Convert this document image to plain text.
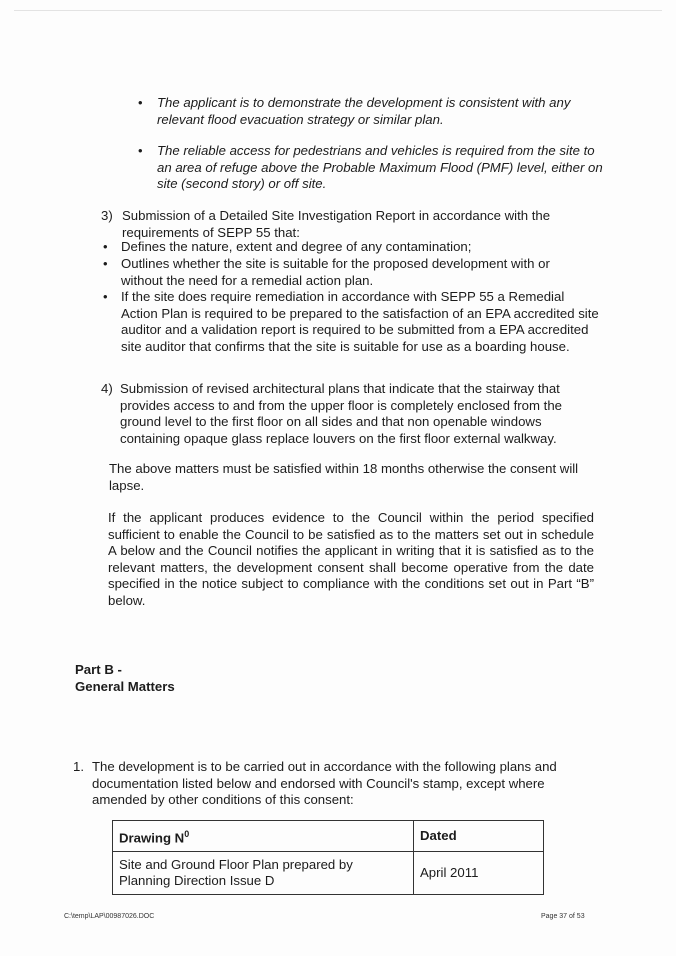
• The applicant is to demonstrate the development is consistent with any relevant flood evacuation strategy or similar plan.
• The reliable access for pedestrians and vehicles is required from the site to an area of refuge above the Probable Maximum Flood (PMF) level, either on site (second story) or off site.
3) Submission of a Detailed Site Investigation Report in accordance with the requirements of SEPP 55 that:
• Defines the nature, extent and degree of any contamination;
• Outlines whether the site is suitable for the proposed development with or without the need for a remedial action plan.
• If the site does require remediation in accordance with SEPP 55 a Remedial Action Plan is required to be prepared to the satisfaction of an EPA accredited site auditor and a validation report is required to be submitted from a EPA accredited site auditor that confirms that the site is suitable for use as a boarding house.
4) Submission of revised architectural plans that indicate that the stairway that provides access to and from the upper floor is completely enclosed from the ground level to the first floor on all sides and that non openable windows containing opaque glass replace louvers on the first floor external walkway.
The above matters must be satisfied within 18 months otherwise the consent will lapse.
If the applicant produces evidence to the Council within the period specified sufficient to enable the Council to be satisfied as to the matters set out in schedule A below and the Council notifies the applicant in writing that it is satisfied as to the relevant matters, the development consent shall become operative from the date specified in the notice subject to compliance with the conditions set out in Part “B” below.
Part B -
General Matters
1. The development is to be carried out in accordance with the following plans and documentation listed below and endorsed with Council's stamp, except where amended by other conditions of this consent:
Drawing $N^0$	Dated
Site and Ground Floor Plan prepared by Planning Direction Issue D	April 2011
C:\temp\LAP\00987026.DOC	Page 37 of 53
